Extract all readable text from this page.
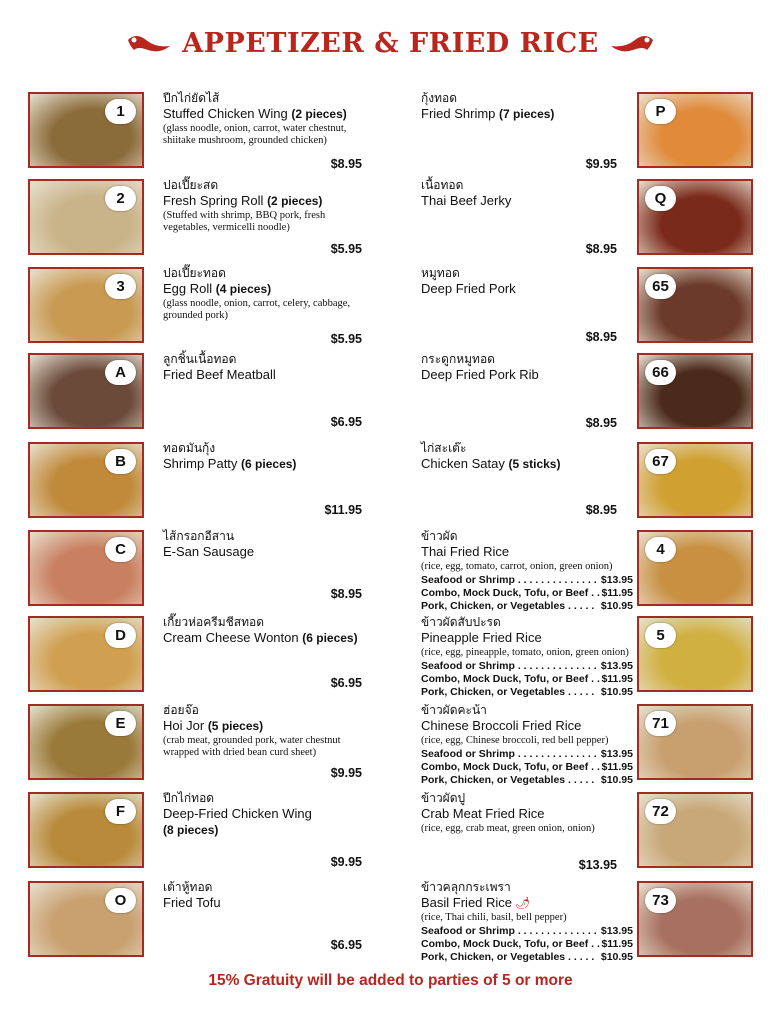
APPETIZER & FRIED RICE
1
ปีกไก่ยัดไส้
Stuffed Chicken Wing (2 pieces)
(glass noodle, onion, carrot, water chestnut, shiitake mushroom, grounded chicken)
$8.95
2
ปอเปี๊ยะสด
Fresh Spring Roll (2 pieces)
(Stuffed with shrimp, BBQ pork, fresh vegetables, vermicelli noodle)
$5.95
3
ปอเปี๊ยะทอด
Egg Roll (4 pieces)
(glass noodle, onion, carrot, celery, cabbage, grounded pork)
$5.95
A
ลูกชิ้นเนื้อทอด
Fried Beef Meatball
$6.95
B
ทอดมันกุ้ง
Shrimp Patty (6 pieces)
$11.95
C
ไส้กรอกอีสาน
E-San Sausage
$8.95
D
เกี๊ยวห่อครีมชีสทอด
Cream Cheese Wonton (6 pieces)
$6.95
E
ฮ่อยจ๊อ
Hoi Jor (5 pieces)
(crab meat, grounded pork, water chestnut wrapped with dried bean curd sheet)
$9.95
F
ปีกไก่ทอด
Deep-Fried Chicken Wing
(8 pieces)
$9.95
O
เต้าหู้ทอด
Fried Tofu
$6.95
P
กุ้งทอด
Fried Shrimp (7 pieces)
$9.95
Q
เนื้อทอด
Thai Beef Jerky
$8.95
65
หมูทอด
Deep Fried Pork
$8.95
66
กระดูกหมูทอด
Deep Fried Pork Rib
$8.95
67
ไก่สะเต๊ะ
Chicken Satay (5 sticks)
$8.95
4
ข้าวผัด
Thai Fried Rice
(rice, egg, tomato, carrot, onion, green onion)
Seafood or Shrimp . . . . . . . . . . . . . . $13.95
Combo, Mock Duck, Tofu, or Beef . . $11.95
Pork, Chicken, or Vegetables . . . . . $10.95
5
ข้าวผัดสับปะรด
Pineapple Fried Rice
(rice, egg, pineapple, tomato, onion, green onion)
Seafood or Shrimp . . . . . . . . . . . . . . $13.95
Combo, Mock Duck, Tofu, or Beef . . $11.95
Pork, Chicken, or Vegetables . . . . . $10.95
71
ข้าวผัดคะน้า
Chinese Broccoli Fried Rice
(rice, egg, Chinese broccoli, red bell pepper)
Seafood or Shrimp . . . . . . . . . . . . . . $13.95
Combo, Mock Duck, Tofu, or Beef . . $11.95
Pork, Chicken, or Vegetables . . . . . $10.95
72
ข้าวผัดปู
Crab Meat Fried Rice
(rice, egg, crab meat, green onion, onion)
$13.95
73
ข้าวคลุกกระเพรา
Basil Fried Rice 🌶
(rice, Thai chili, basil, bell pepper)
Seafood or Shrimp . . . . . . . . . . . . . . $13.95
Combo, Mock Duck, Tofu, or Beef . . $11.95
Pork, Chicken, or Vegetables . . . . . $10.95
15% Gratuity will be added to parties of 5 or more
